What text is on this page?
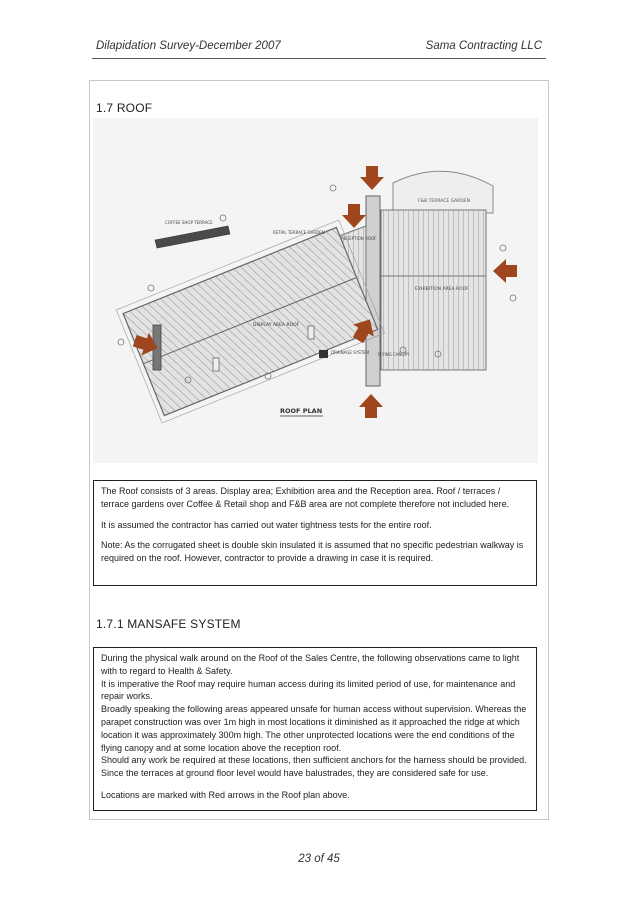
Dilapidation Survey-December 2007	Sama Contracting LLC
1.7 ROOF
F&B TERRACE GARDEN
EXHIBITION AREA ROOF
FLYING CANOPY
RECEPTION ROOF
DISPLAY AREA ROOF
COFFEE SHOP TERRACE
RETAIL TERRACE GARDEN
DRAINAGE SYSTEM
ROOF PLAN

The Roof consists of 3 areas. Display area; Exhibition area and the Reception area. Roof / terraces / terrace gardens over Coffee & Retail shop and F&B area are not complete therefore not included here.

It is assumed the contractor has carried out water tightness tests for the entire roof.

Note: As the corrugated sheet is double skin insulated it is assumed that no specific pedestrian walkway is required on the roof. However, contractor to provide a drawing in case it is required.

1.7.1 MANSAFE SYSTEM
During the physical walk around on the Roof of the Sales Centre, the following observations came to light with to regard to Health & Safety.
It is imperative the Roof may require human access during its limited period of use, for maintenance and repair works.
Broadly speaking the following areas appeared unsafe for human access without supervision. Whereas the parapet construction was over 1m high in most locations it diminished as it approached the ridge at which location it was approximately 300m high. The other unprotected locations were the end conditions of the flying canopy and at some location above the reception roof.
Should any work be required at these locations, then sufficient anchors for the harness should be provided.
Since the terraces at ground floor level would have balustrades, they are considered safe for use.
Locations are marked with Red arrows in the Roof plan above.
23 of 45
